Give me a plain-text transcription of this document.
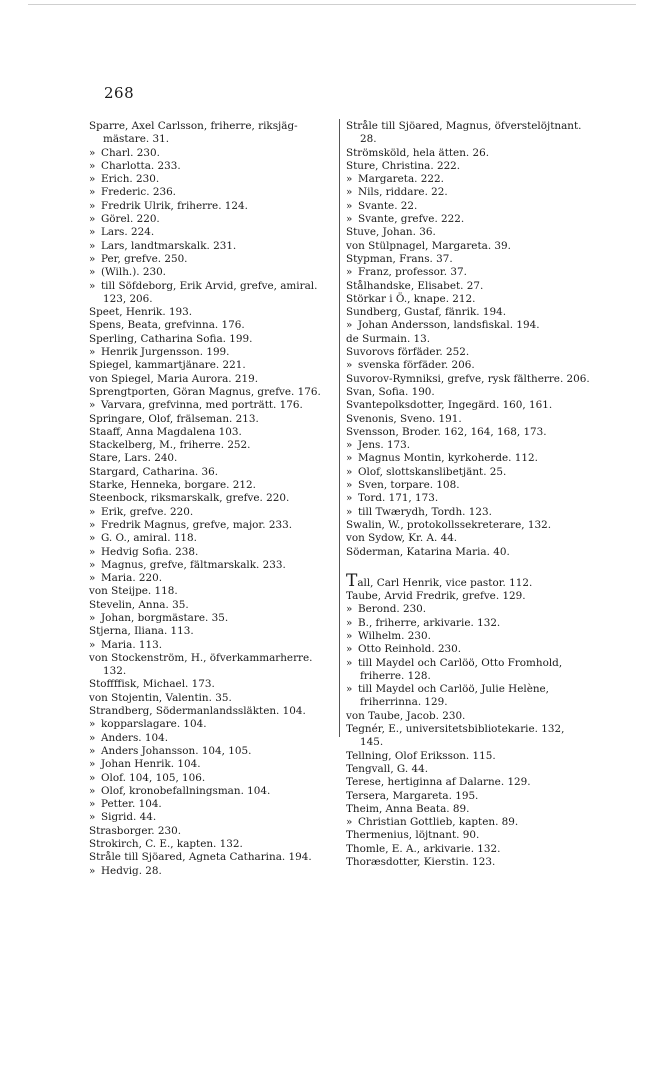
268
Sparre, Axel Carlsson, friherre, riksjäg-mästare. 31.
» Charl. 230.
» Charlotta. 233.
» Erich. 230.
» Frederic. 236.
» Fredrik Ulrik, friherre. 124.
» Görel. 220.
» Lars. 224.
» Lars, landtmarskalk. 231.
» Per, grefve. 250.
» (Wilh.). 230.
» till Söfdeborg, Erik Arvid, grefve, amiral. 123, 206.
Speet, Henrik. 193.
Spens, Beata, grefvinna. 176.
Sperling, Catharina Sofia. 199.
» Henrik Jurgensson. 199.
Spiegel, kammartjänare. 221.
von Spiegel, Maria Aurora. 219.
Sprengtporten, Göran Magnus, grefve. 176.
» Varvara, grefvinna, med porträtt. 176.
Springare, Olof, frälseman. 213.
Staaff, Anna Magdalena 103.
Stackelberg, M., friherre. 252.
Stare, Lars. 240.
Stargard, Catharina. 36.
Starke, Henneka, borgare. 212.
Steenbock, riksmarskalk, grefve. 220.
» Erik, grefve. 220.
» Fredrik Magnus, grefve, major. 233.
» G. O., amiral. 118.
» Hedvig Sofia. 238.
» Magnus, grefve, fältmarskalk. 233.
» Maria. 220.
von Steijpe. 118.
Stevelin, Anna. 35.
» Johan, borgmästare. 35.
Stjerna, Iliana. 113.
» Maria. 113.
von Stockenström, H., öfverkammarherre. 132.
Stoffffisk, Michael. 173.
von Stojentin, Valentin. 35.
Strandberg, Södermanlandssläkten. 104.
» kopparslagare. 104.
» Anders. 104.
» Anders Johansson. 104, 105.
» Johan Henrik. 104.
» Olof. 104, 105, 106.
» Olof, kronobefallningsman. 104.
» Petter. 104.
» Sigrid. 44.
Strasborger. 230.
Strokirch, C. E., kapten. 132.
Stråle till Sjöared, Agneta Catharina. 194.
» Hedvig. 28.
Stråle till Sjöared, Magnus, öfverstelöjtnant. 28.
Strömsköld, hela ätten. 26.
Sture, Christina. 222.
» Margareta. 222.
» Nils, riddare. 22.
» Svante. 22.
» Svante, grefve. 222.
Stuve, Johan. 36.
von Stülpnagel, Margareta. 39.
Stypman, Frans. 37.
» Franz, professor. 37.
Stålhandske, Elisabet. 27.
Störkar i Ö., knape. 212.
Sundberg, Gustaf, fänrik. 194.
» Johan Andersson, landsfiskal. 194.
de Surmain. 13.
Suvorovs förfäder. 252.
» svenska förfäder. 206.
Suvorov-Rymniksi, grefve, rysk fältherre. 206.
Svan, Sofia. 190.
Svantepolksdotter, Ingegärd. 160, 161.
Svenonis, Sveno. 191.
Svensson, Broder. 162, 164, 168, 173.
» Jens. 173.
» Magnus Montin, kyrkoherde. 112.
» Olof, slottskanslibetjänt. 25.
» Sven, torpare. 108.
» Tord. 171, 173.
» till Twærydh, Tordh. 123.
Swalin, W., protokollssekreterare, 132.
von Sydow, Kr. A. 44.
Söderman, Katarina Maria. 40.
Tall, Carl Henrik, vice pastor. 112.
Taube, Arvid Fredrik, grefve. 129.
» Berond. 230.
» B., friherre, arkivarie. 132.
» Wilhelm. 230.
» Otto Reinhold. 230.
» till Maydel och Carlöö, Otto Fromhold, friherre. 128.
» till Maydel och Carlöö, Julie Helène, friherrinna. 129.
von Taube, Jacob. 230.
Tegnér, E., universitetsbibliotekarie. 132, 145.
Tellning, Olof Eriksson. 115.
Tengvall, G. 44.
Terese, hertiginna af Dalarne. 129.
Tersera, Margareta. 195.
Theim, Anna Beata. 89.
» Christian Gottlieb, kapten. 89.
Thermenius, löjtnant. 90.
Thomle, E. A., arkivarie. 132.
Thoræsdotter, Kierstin. 123.
